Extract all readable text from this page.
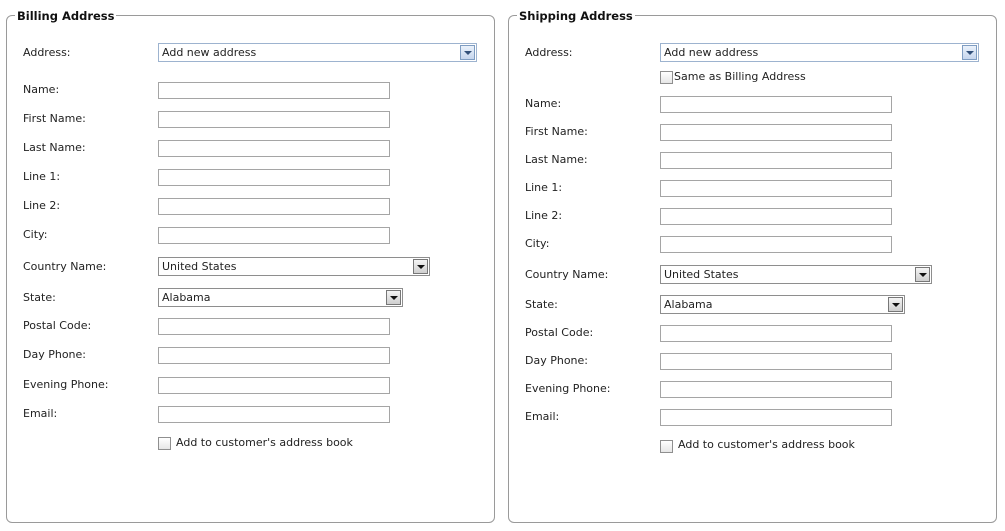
Billing Address
Address:	Add new address
Name:
First Name:
Last Name:
Line 1:
Line 2:
City:
Country Name:	United States
State:	Alabama
Postal Code:
Day Phone:
Evening Phone:
Email:
Add to customer's address book
Shipping Address
Address:	Add new address
Same as Billing Address
Name:
First Name:
Last Name:
Line 1:
Line 2:
City:
Country Name:	United States
State:	Alabama
Postal Code:
Day Phone:
Evening Phone:
Email:
Add to customer's address book
